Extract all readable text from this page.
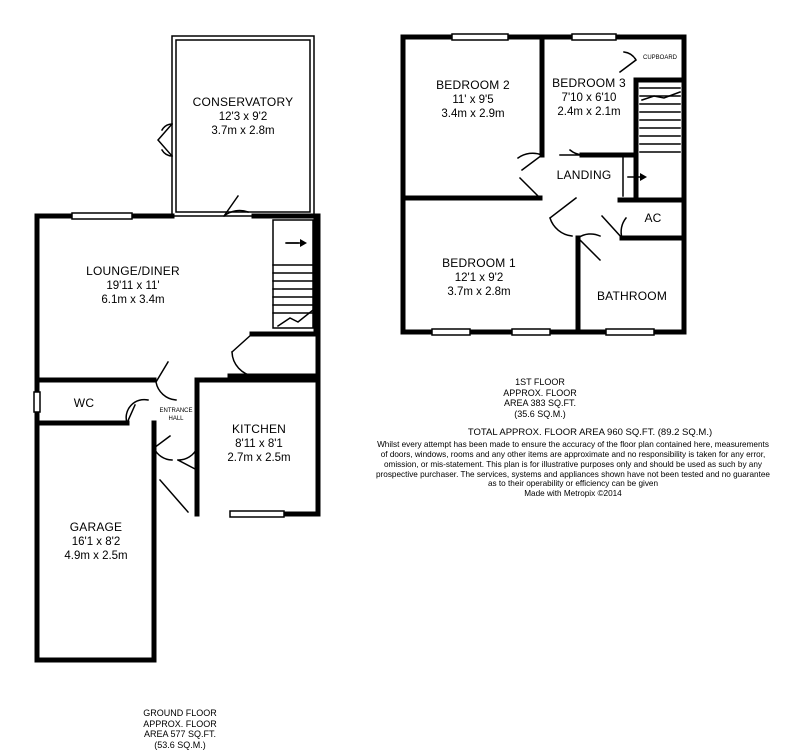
CONSERVATORY
12'3 x 9'2
3.7m x 2.8m
LOUNGE/DINER
19'11 x 11'
6.1m x 3.4m
WC
ENTRANCE
HALL
KITCHEN
8'11 x 8'1
2.7m x 2.5m
GARAGE
16'1 x 8'2
4.9m x 2.5m
GROUND FLOOR
APPROX. FLOOR
AREA 577 SQ.FT.
(53.6 SQ.M.)
BEDROOM 2
11' x 9'5
3.4m x 2.9m
BEDROOM 3
7'10 x 6'10
2.4m x 2.1m
CUPBOARD
LANDING
AC
BEDROOM 1
12'1 x 9'2
3.7m x 2.8m	BATHROOM
1ST FLOOR
APPROX. FLOOR
AREA 383 SQ.FT.
(35.6 SQ.M.)
TOTAL APPROX. FLOOR AREA 960 SQ.FT. (89.2 SQ.M.)
Whilst every attempt has been made to ensure the accuracy of the floor plan contained here, measurements
of doors, windows, rooms and any other items are approximate and no responsibility is taken for any error,
omission, or mis-statement. This plan is for illustrative purposes only and should be used as such by any
prospective purchaser. The services, systems and appliances shown have not been tested and no guarantee
as to their operability or efficiency can be given
Made with Metropix ©2014
